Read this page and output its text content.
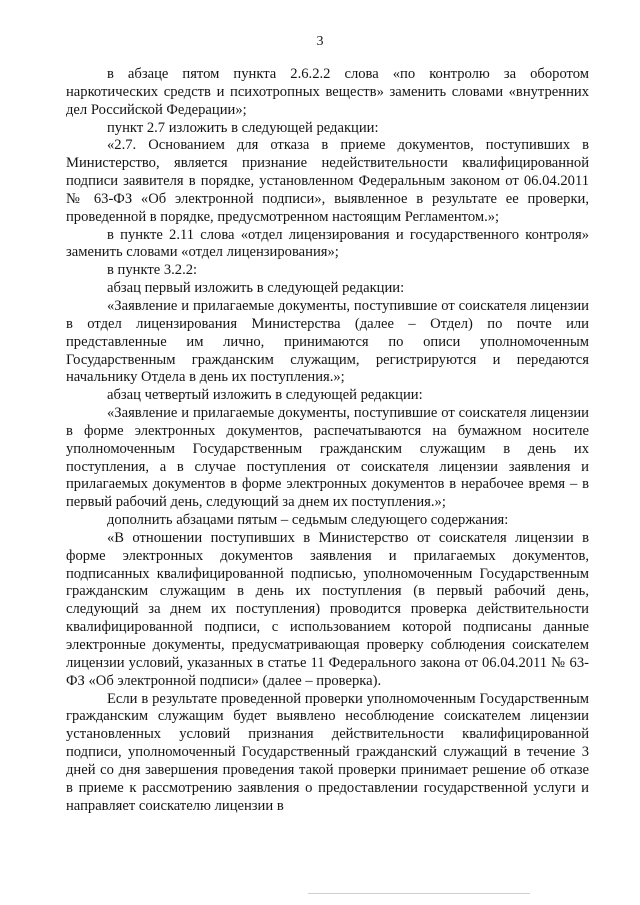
3

в абзаце пятом пункта 2.6.2.2 слова «по контролю за оборотом наркотических средств и психотропных веществ» заменить словами «внутренних дел Российской Федерации»;

пункт 2.7 изложить в следующей редакции:

«2.7. Основанием для отказа в приеме документов, поступивших в Министерство, является признание недействительности квалифицированной подписи заявителя в порядке, установленном Федеральным законом от 06.04.2011 № 63-ФЗ «Об электронной подписи», выявленное в результате ее проверки, проведенной в порядке, предусмотренном настоящим Регламентом.»;

в пункте 2.11 слова «отдел лицензирования и государственного контроля» заменить словами «отдел лицензирования»;

в пункте 3.2.2:

абзац первый изложить в следующей редакции:

«Заявление и прилагаемые документы, поступившие от соискателя лицензии в отдел лицензирования Министерства (далее – Отдел) по почте или представленные им лично, принимаются по описи уполномоченным Государственным гражданским служащим, регистрируются и передаются начальнику Отдела в день их поступления.»;

абзац четвертый изложить в следующей редакции:

«Заявление и прилагаемые документы, поступившие от соискателя лицензии в форме электронных документов, распечатываются на бумажном носителе уполномоченным Государственным гражданским служащим в день их поступления, а в случае поступления от соискателя лицензии заявления и прилагаемых документов в форме электронных документов в нерабочее время – в первый рабочий день, следующий за днем их поступления.»;

дополнить абзацами пятым – седьмым следующего содержания:

«В отношении поступивших в Министерство от соискателя лицензии в форме электронных документов заявления и прилагаемых документов, подписанных квалифицированной подписью, уполномоченным Государственным гражданским служащим в день их поступления (в первый рабочий день, следующий за днем их поступления) проводится проверка действительности квалифицированной подписи, с использованием которой подписаны данные электронные документы, предусматривающая проверку соблюдения соискателем лицензии условий, указанных в статье 11 Федерального закона от 06.04.2011 № 63-ФЗ «Об электронной подписи» (далее – проверка).

Если в результате проведенной проверки уполномоченным Государственным гражданским служащим будет выявлено несоблюдение соискателем лицензии установленных условий признания действительности квалифицированной подписи, уполномоченный Государственный гражданский служащий в течение 3 дней со дня завершения проведения такой проверки принимает решение об отказе в приеме к рассмотрению заявления о предоставлении государственной услуги и направляет соискателю лицензии в
